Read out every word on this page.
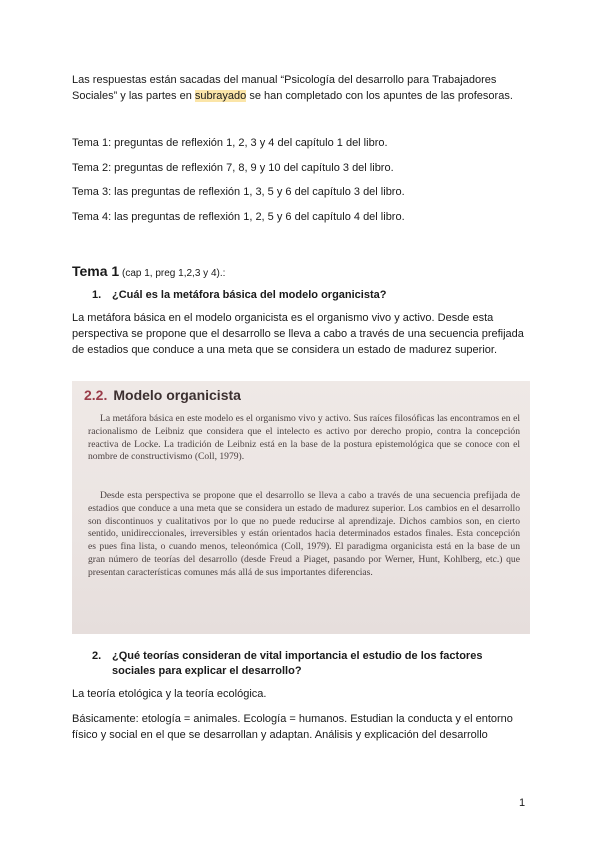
Las respuestas están sacadas del manual “Psicología del desarrollo para Trabajadores Sociales” y las partes en subrayado se han completado con los apuntes de las profesoras.

Tema 1: preguntas de reflexión 1, 2, 3 y 4 del capítulo 1 del libro.

Tema 2: preguntas de reflexión 7, 8, 9 y 10 del capítulo 3 del libro.

Tema 3: las preguntas de reflexión 1, 3, 5 y 6 del capítulo 3 del libro.

Tema 4: las preguntas de reflexión 1, 2, 5 y 6 del capítulo 4 del libro.

Tema 1 (cap 1, preg 1,2,3 y 4).:
1. ¿Cuál es la metáfora básica del modelo organicista?

La metáfora básica en el modelo organicista es el organismo vivo y activo. Desde esta perspectiva se propone que el desarrollo se lleva a cabo a través de una secuencia prefijada de estadios que conduce a una meta que se considera un estado de madurez superior.

2.2. Modelo organicista

La metáfora básica en este modelo es el organismo vivo y activo. Sus raíces filosóficas las encontramos en el racionalismo de Leibniz que considera que el intelecto es activo por derecho propio, contra la concepción reactiva de Locke. La tradición de Leibniz está en la base de la postura epistemológica que se conoce con el nombre de constructivismo (Coll, 1979).

Desde esta perspectiva se propone que el desarrollo se lleva a cabo a través de una secuencia prefijada de estadios que conduce a una meta que se considera un estado de madurez superior. Los cambios en el desarrollo son discontinuos y cualitativos por lo que no puede reducirse al aprendizaje. Dichos cambios son, en cierto sentido, unidireccionales, irreversibles y están orientados hacia determinados estados finales. Esta concepción es pues fina lista, o cuando menos, teleonómica (Coll, 1979). El paradigma organicista está en la base de un gran número de teorías del desarrollo (desde Freud a Piaget, pasando por Werner, Hunt, Kohlberg, etc.) que presentan características comunes más allá de sus importantes diferencias.

2. ¿Qué teorías consideran de vital importancia el estudio de los factores sociales para explicar el desarrollo?

La teoría etológica y la teoría ecológica.

Básicamente: etología = animales. Ecología = humanos. Estudian la conducta y el entorno físico y social en el que se desarrollan y adaptan. Análisis y explicación del desarrollo

1
